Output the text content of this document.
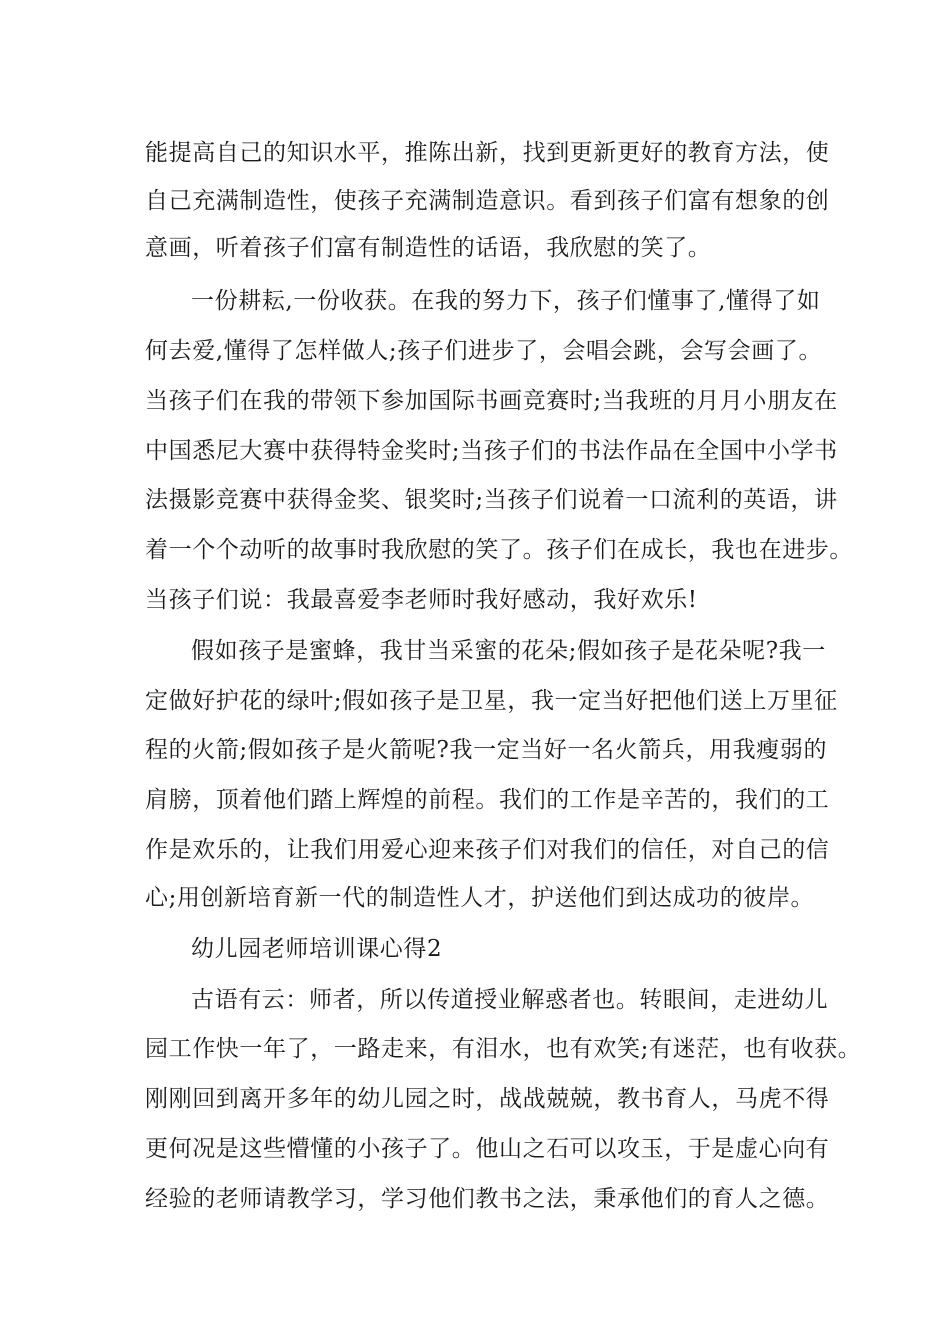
能提高自己的知识水平，推陈出新，找到更新更好的教育方法，使

自己充满制造性，使孩子充满制造意识。看到孩子们富有想象的创

意画，听着孩子们富有制造性的话语，我欣慰的笑了。

一份耕耘,一份收获。在我的努力下，孩子们懂事了,懂得了如

何去爱,懂得了怎样做人;孩子们进步了，会唱会跳，会写会画了。

当孩子们在我的带领下参加国际书画竞赛时;当我班的月月小朋友在

中国悉尼大赛中获得特金奖时;当孩子们的书法作品在全国中小学书

法摄影竞赛中获得金奖、银奖时;当孩子们说着一口流利的英语，讲

着一个个动听的故事时我欣慰的笑了。孩子们在成长，我也在进步。

当孩子们说：我最喜爱李老师时我好感动，我好欢乐!

假如孩子是蜜蜂，我甘当采蜜的花朵;假如孩子是花朵呢?我一

定做好护花的绿叶;假如孩子是卫星，我一定当好把他们送上万里征

程的火箭;假如孩子是火箭呢?我一定当好一名火箭兵，用我瘦弱的

肩膀，顶着他们踏上辉煌的前程。我们的工作是辛苦的，我们的工

作是欢乐的，让我们用爱心迎来孩子们对我们的信任，对自己的信

心;用创新培育新一代的制造性人才，护送他们到达成功的彼岸。

幼儿园老师培训课心得2

古语有云：师者，所以传道授业解惑者也。转眼间，走进幼儿

园工作快一年了，一路走来，有泪水，也有欢笑;有迷茫，也有收获。

刚刚回到离开多年的幼儿园之时，战战兢兢，教书育人，马虎不得

更何况是这些懵懂的小孩子了。他山之石可以攻玉，于是虚心向有

经验的老师请教学习，学习他们教书之法，秉承他们的育人之德。
